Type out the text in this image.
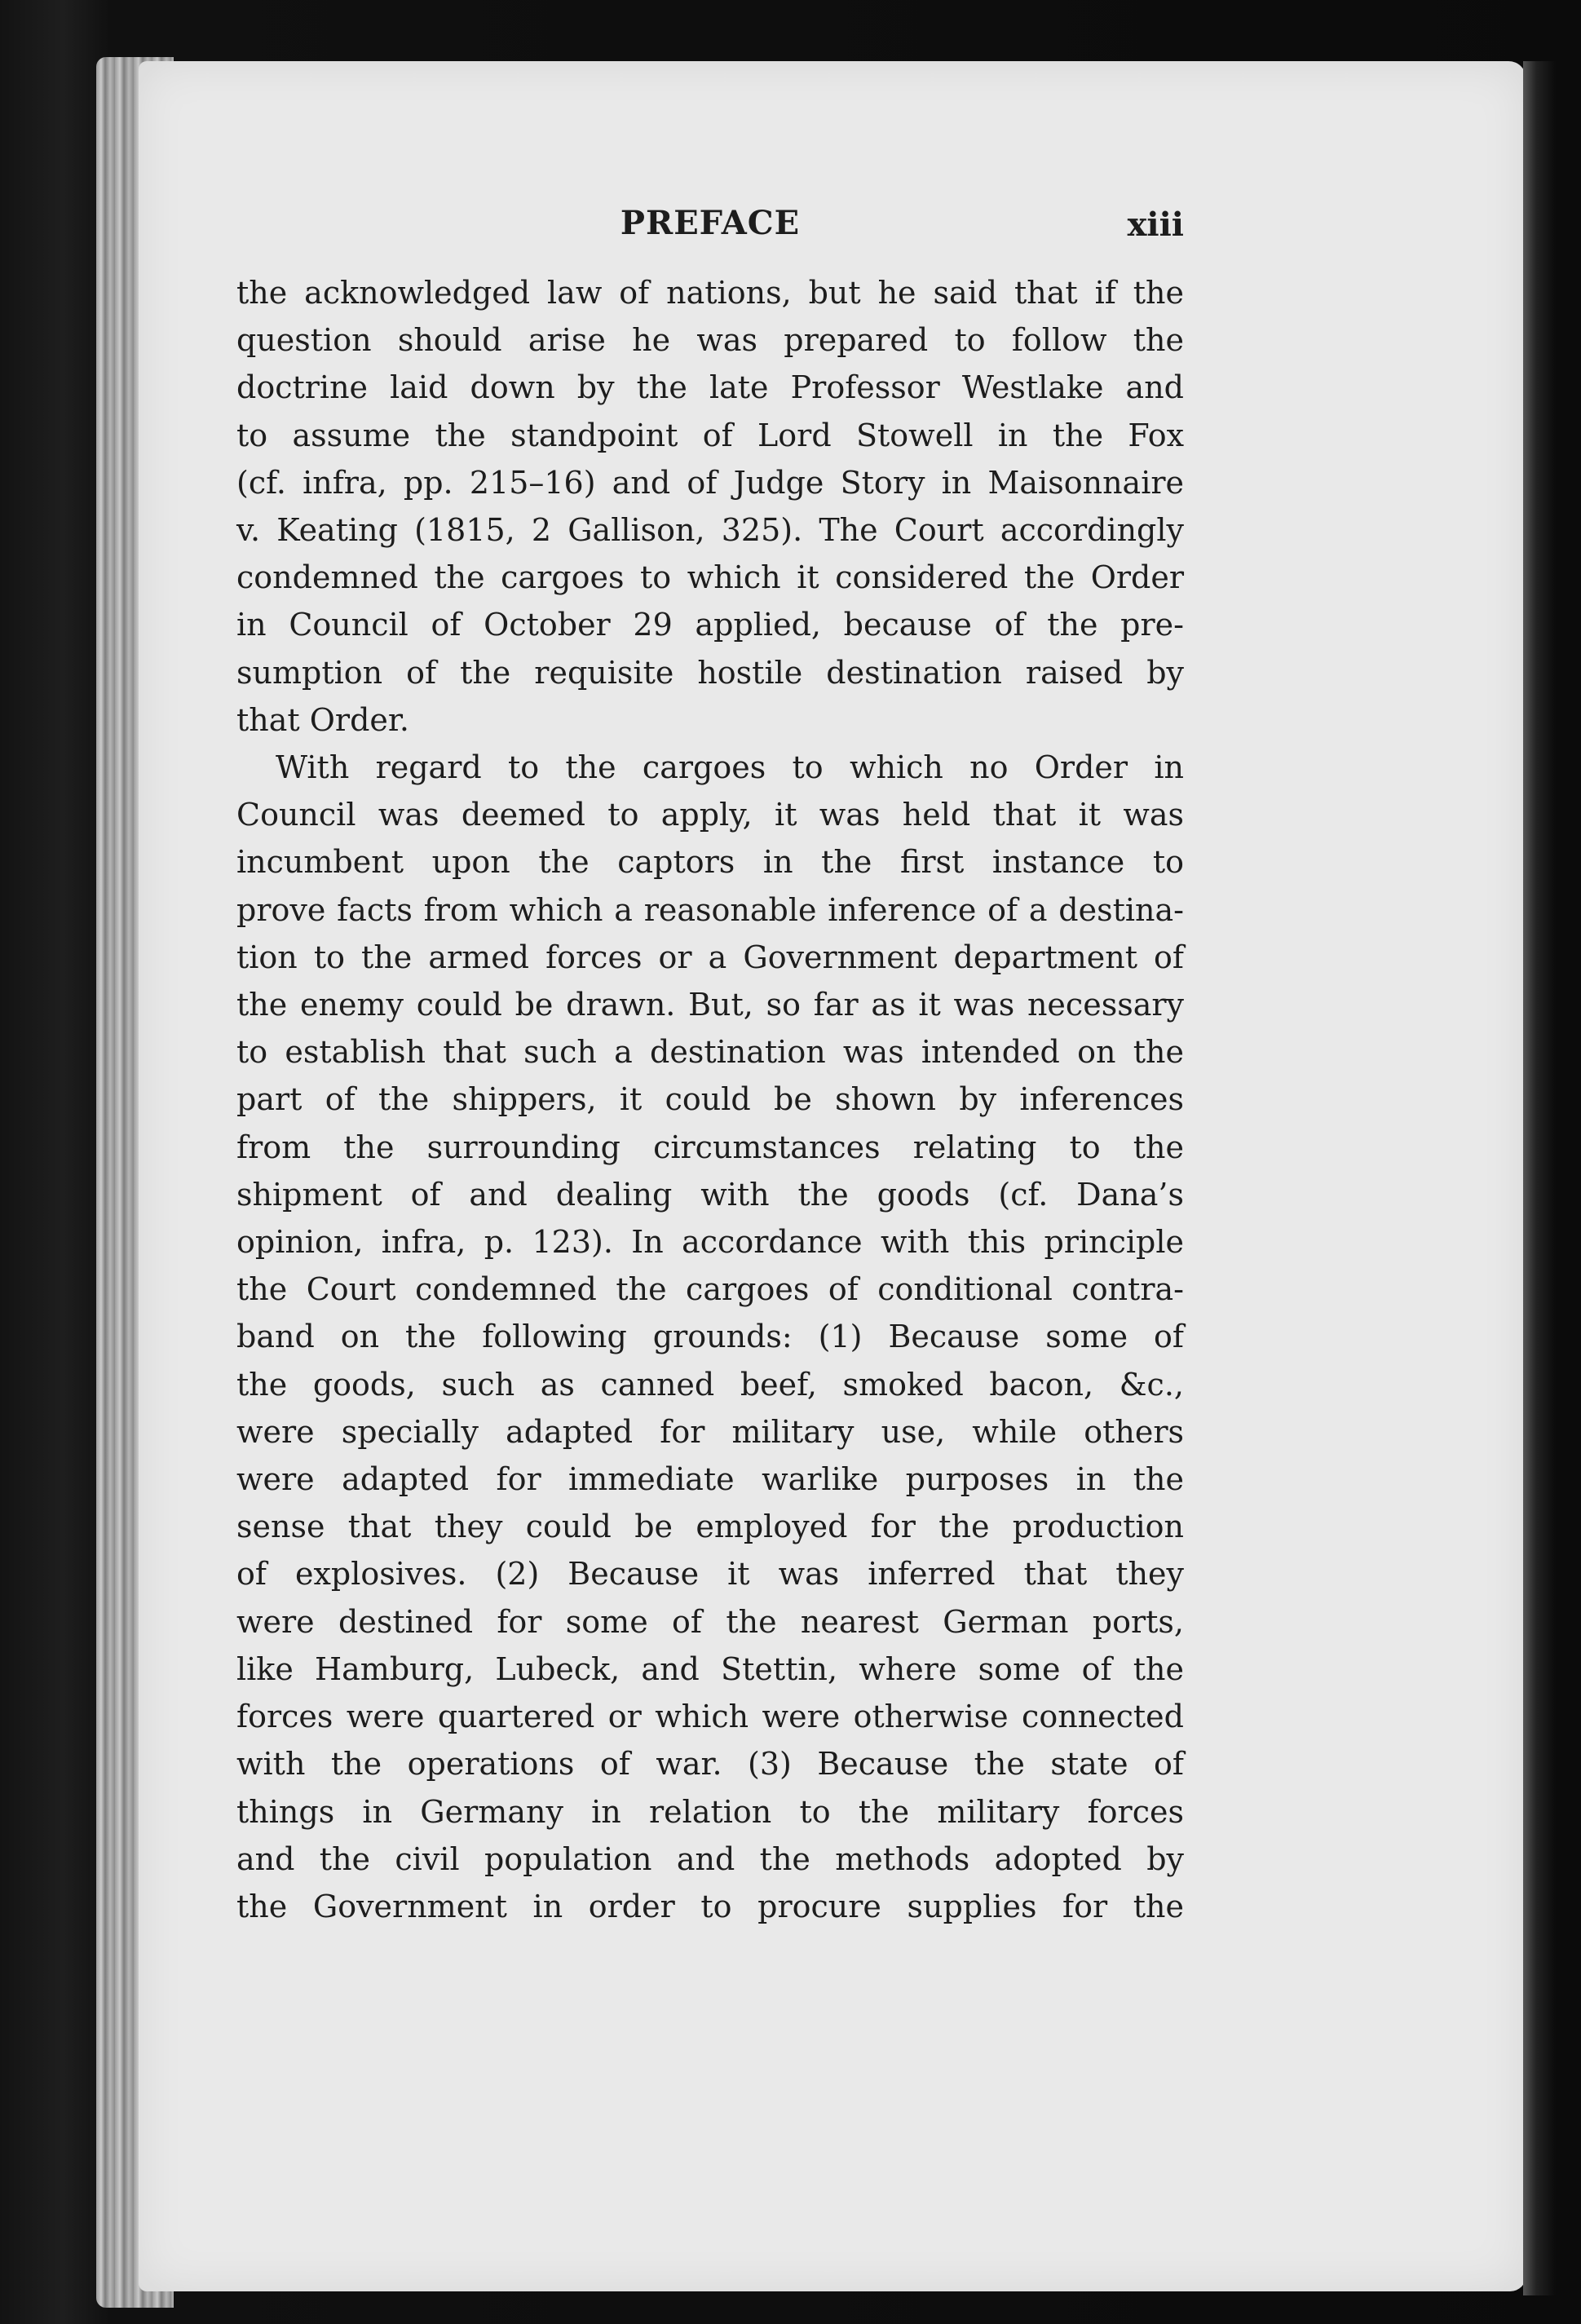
PREFACE	xiii

the acknowledged law of nations, but he said that if the

question should arise he was prepared to follow the

doctrine laid down by the late Professor Westlake and

to assume the standpoint of Lord Stowell in the Fox

(cf. infra, pp. 215–16) and of Judge Story in Maisonnaire

v. Keating (1815, 2 Gallison, 325). The Court accordingly

condemned the cargoes to which it considered the Order

in Council of October 29 applied, because of the pre-

sumption of the requisite hostile destination raised by

that Order.

With regard to the cargoes to which no Order in

Council was deemed to apply, it was held that it was

incumbent upon the captors in the first instance to

prove facts from which a reasonable inference of a destina-

tion to the armed forces or a Government department of

the enemy could be drawn. But, so far as it was necessary

to establish that such a destination was intended on the

part of the shippers, it could be shown by inferences

from the surrounding circumstances relating to the

shipment of and dealing with the goods (cf. Dana’s

opinion, infra, p. 123). In accordance with this principle

the Court condemned the cargoes of conditional contra-

band on the following grounds: (1) Because some of

the goods, such as canned beef, smoked bacon, &c.,

were specially adapted for military use, while others

were adapted for immediate warlike purposes in the

sense that they could be employed for the production

of explosives. (2) Because it was inferred that they

were destined for some of the nearest German ports,

like Hamburg, Lubeck, and Stettin, where some of the

forces were quartered or which were otherwise connected

with the operations of war. (3) Because the state of

things in Germany in relation to the military forces

and the civil population and the methods adopted by

the Government in order to procure supplies for the
